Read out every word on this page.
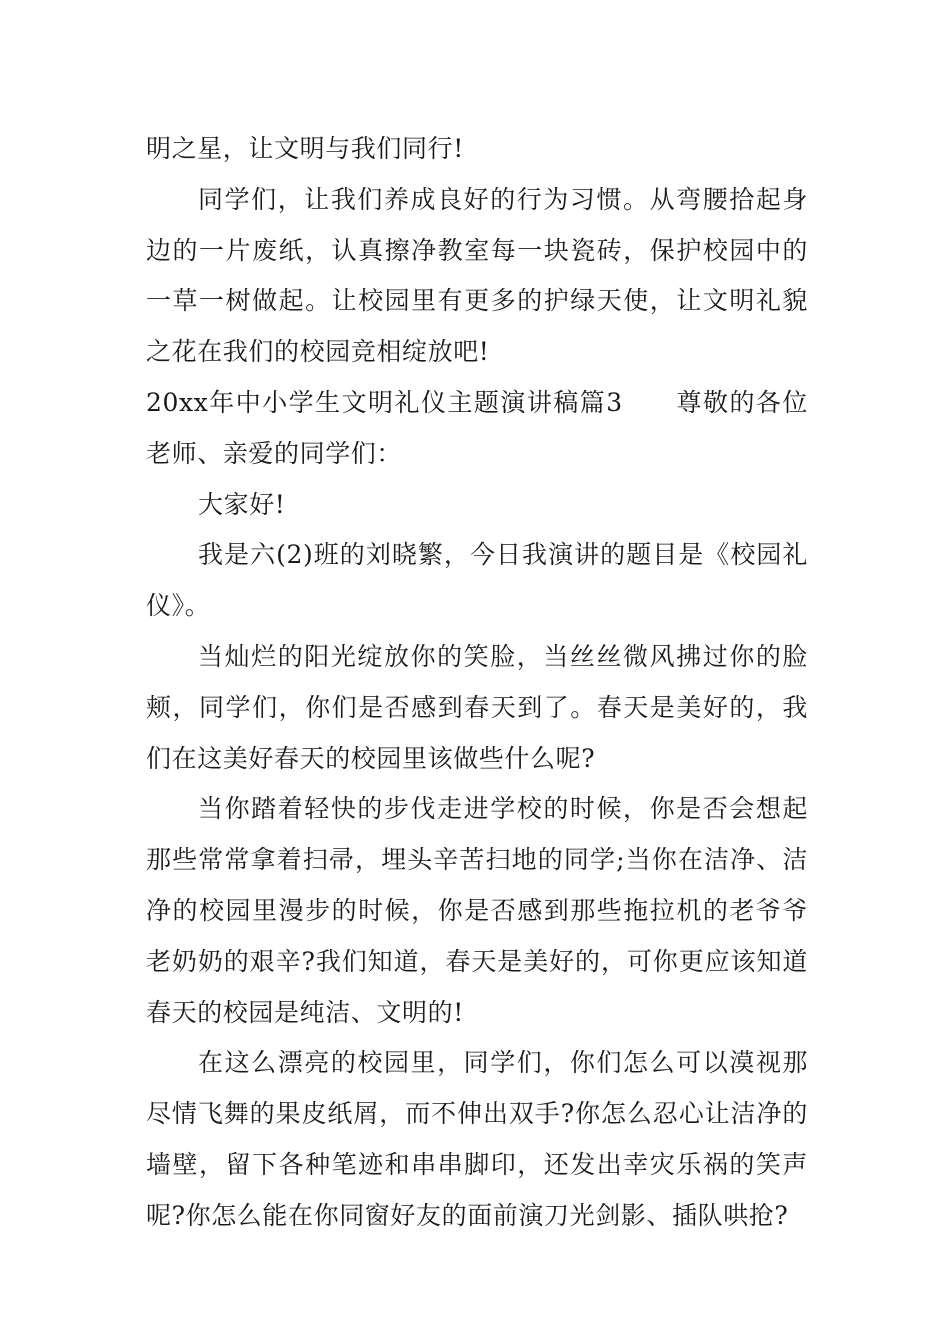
明之星，让文明与我们同行!

同学们，让我们养成良好的行为习惯。从弯腰拾起身边的一片废纸，认真擦净教室每一块瓷砖，保护校园中的一草一树做起。让校园里有更多的护绿天使，让文明礼貌之花在我们的校园竞相绽放吧!

20xx年中小学生文明礼仪主题演讲稿篇3　　尊敬的各位老师、亲爱的同学们：

大家好!

我是六(2)班的刘晓繁，今日我演讲的题目是《校园礼仪》。

当灿烂的阳光绽放你的笑脸，当丝丝微风拂过你的脸颊，同学们，你们是否感到春天到了。春天是美好的，我们在这美好春天的校园里该做些什么呢?

当你踏着轻快的步伐走进学校的时候，你是否会想起那些常常拿着扫帚，埋头辛苦扫地的同学;当你在洁净、洁净的校园里漫步的时候，你是否感到那些拖拉机的老爷爷老奶奶的艰辛?我们知道，春天是美好的，可你更应该知道春天的校园是纯洁、文明的!

在这么漂亮的校园里，同学们，你们怎么可以漠视那尽情飞舞的果皮纸屑，而不伸出双手?你怎么忍心让洁净的墙壁，留下各种笔迹和串串脚印，还发出幸灾乐祸的笑声呢?你怎么能在你同窗好友的面前演刀光剑影、插队哄抢?
